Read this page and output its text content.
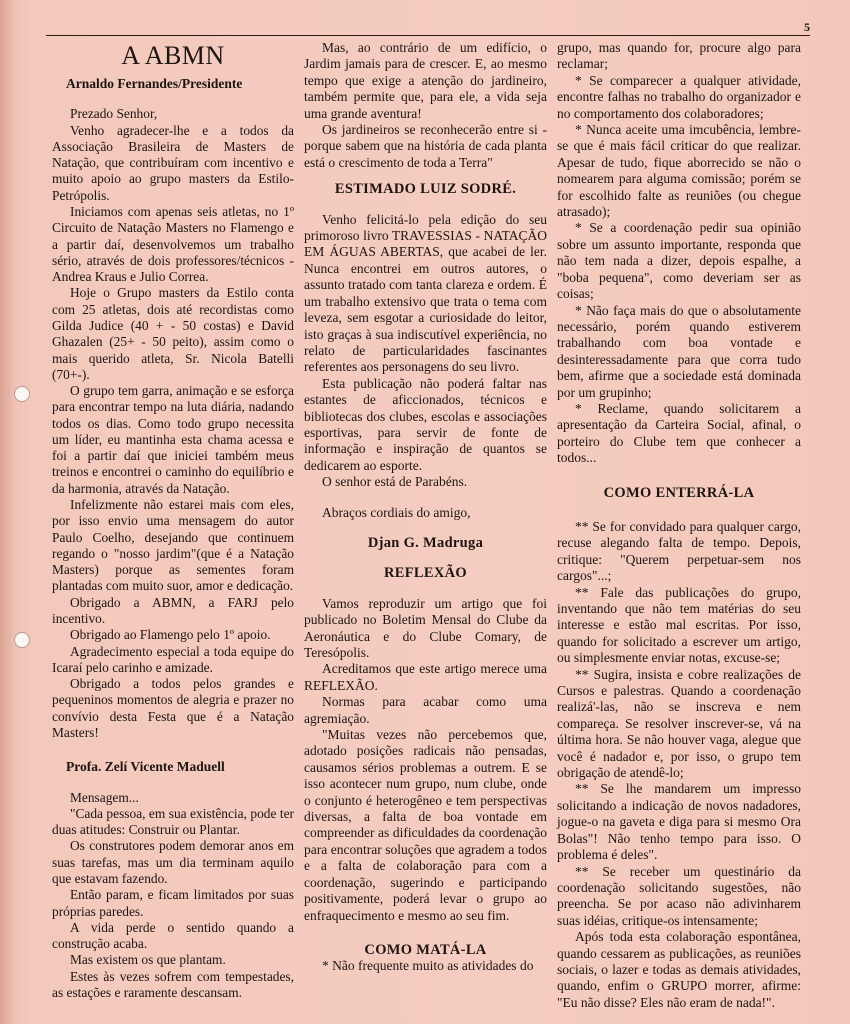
5
A ABMN
Arnaldo Fernandes/Presidente

Prezado Senhor,

Venho agradecer-lhe e a todos da Associação Brasileira de Masters de Natação, que contribuíram com incentivo e muito apoio ao grupo masters da Estilo-Petrópolis.

Iniciamos com apenas seis atletas, no 1º Circuito de Natação Masters no Flamengo e a partir daí, desenvolvemos um trabalho sério, através de dois professores/técnicos - Andrea Kraus e Julio Correa.

Hoje o Grupo masters da Estilo conta com 25 atletas, dois até recordistas como Gilda Judice (40 + - 50 costas) e David Ghazalen (25+ - 50 peito), assim como o mais querido atleta, Sr. Nicola Batelli (70+-).

O grupo tem garra, animação e se esforça para encontrar tempo na luta diária, nadando todos os dias. Como todo grupo necessita um líder, eu mantinha esta chama acessa e foi a partir daí que iniciei também meus treinos e encontrei o caminho do equilíbrio e da harmonia, através da Natação.

Infelizmente não estarei mais com eles, por isso envio uma mensagem do autor Paulo Coelho, desejando que continuem regando o "nosso jardim"(que é a Natação Masters) porque as sementes foram plantadas com muito suor, amor e dedicação.

Obrigado a ABMN, a FARJ pelo incentivo.

Obrigado ao Flamengo pelo 1º apoio.

Agradecimento especial a toda equipe do Icaraí pelo carinho e amizade.

Obrigado a todos pelos grandes e pequeninos momentos de alegria e prazer no convívio desta Festa que é a Natação Masters!

Profa. Zelí Vicente Maduell

Mensagem...

"Cada pessoa, em sua existência, pode ter duas atitudes: Construir ou Plantar.

Os construtores podem demorar anos em suas tarefas, mas um dia terminam aquilo que estavam fazendo.

Então param, e ficam limitados por suas próprias paredes.

A vida perde o sentido quando a construção acaba.

Mas existem os que plantam.

Estes às vezes sofrem com tempestades, as estações e raramente descansam.

Mas, ao contrário de um edifício, o Jardim jamais para de crescer. E, ao mesmo tempo que exige a atenção do jardineiro, também permite que, para ele, a vida seja uma grande aventura!

Os jardineiros se reconhecerão entre si - porque sabem que na história de cada planta está o crescimento de toda a Terra"

ESTIMADO LUIZ SODRÉ.

Venho felicitá-lo pela edição do seu primoroso livro TRAVESSIAS - NATAÇÃO EM ÁGUAS ABERTAS, que acabei de ler. Nunca encontrei em outros autores, o assunto tratado com tanta clareza e ordem. É um trabalho extensivo que trata o tema com leveza, sem esgotar a curiosidade do leitor, isto graças à sua indiscutível experiência, no relato de particularidades fascinantes referentes aos personagens do seu livro.

Esta publicação não poderá faltar nas estantes de aficcionados, técnicos e bibliotecas dos clubes, escolas e associações esportivas, para servir de fonte de informação e inspiração de quantos se dedicarem ao esporte.

O senhor está de Parabéns.

Abraços cordiais do amigo,

Djan G. Madruga
REFLEXÃO

Vamos reproduzir um artigo que foi publicado no Boletim Mensal do Clube da Aeronáutica e do Clube Comary, de Teresópolis.

Acreditamos que este artigo merece uma REFLEXÃO.

Normas para acabar como uma agremiação.

"Muitas vezes não percebemos que, adotado posições radicais não pensadas, causamos sérios problemas a outrem. E se isso acontecer num grupo, num clube, onde o conjunto é heterogêneo e tem perspectivas diversas, a falta de boa vontade em compreender as dificuldades da coordenação para encontrar soluções que agradem a todos e a falta de colaboração para com a coordenação, sugerindo e participando positivamente, poderá levar o grupo ao enfraquecimento e mesmo ao seu fim.

COMO MATÁ-LA

* Não frequente muito as atividades do

grupo, mas quando for, procure algo para reclamar;

* Se comparecer a qualquer atividade, encontre falhas no trabalho do organizador e no comportamento dos colaboradores;

* Nunca aceite uma imcubência, lembre-se que é mais fácil criticar do que realizar. Apesar de tudo, fique aborrecido se não o nomearem para alguma comissão; porém se for escolhido falte as reuniões (ou chegue atrasado);

* Se a coordenação pedir sua opinião sobre um assunto importante, responda que não tem nada a dizer, depois espalhe, a "boba pequena", como deveriam ser as coisas;

* Não faça mais do que o absolutamente necessário, porém quando estiverem trabalhando com boa vontade e desinteressadamente para que corra tudo bem, afirme que a sociedade está dominada por um grupinho;

* Reclame, quando solicitarem a apresentação da Carteira Social, afinal, o porteiro do Clube tem que conhecer a todos...

COMO ENTERRÁ-LA

** Se for convidado para qualquer cargo, recuse alegando falta de tempo. Depois, critique: "Querem perpetuar-sem nos cargos"...;

** Fale das publicações do grupo, inventando que não tem matérias do seu interesse e estão mal escritas. Por isso, quando for solicitado a escrever um artigo, ou simplesmente enviar notas, excuse-se;

** Sugira, insista e cobre realizações de Cursos e palestras. Quando a coordenação realizá'-las, não se inscreva e nem compareça. Se resolver inscrever-se, vá na última hora. Se não houver vaga, alegue que você é nadador e, por isso, o grupo tem obrigação de atendê-lo;

** Se lhe mandarem um impresso solicitando a indicação de novos nadadores, jogue-o na gaveta e diga para si mesmo Ora Bolas"! Não tenho tempo para isso. O problema é deles".

** Se receber um questinário da coordenação solicitando sugestões, não preencha. Se por acaso não adivinharem suas idéias, critique-os intensamente;

Após toda esta colaboração espontânea, quando cessarem as publicações, as reuniões sociais, o lazer e todas as demais atividades, quando, enfim o GRUPO morrer, afirme: "Eu não disse? Eles não eram de nada!".
